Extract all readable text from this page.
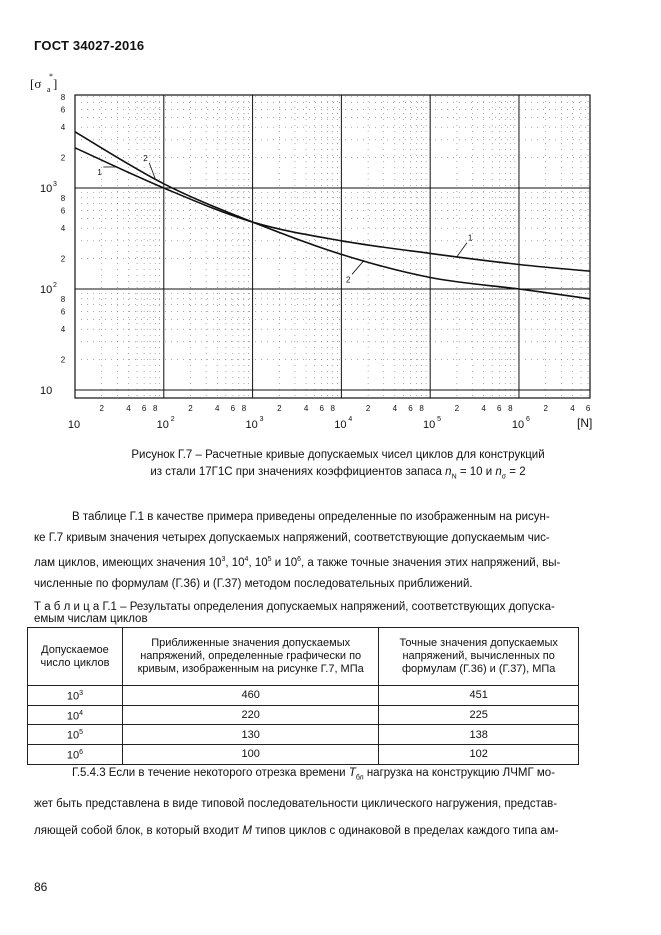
ГОСТ 34027-2016
[σ a
* ]
2
4
6
8
2
4
6
8
2
4
6
8
10
10 2
10 3
2	4 6 8	2	4 6 8	2	4 6 8	2	4 6 8	2	4 6 8	2	4 6
10	10 2	10 3	10 4	10 5	10 6
1
2
1
2
[N]
Рисунок Г.7 – Расчетные кривые допускаемых чисел циклов для конструкций
из стали 17Г1С при значениях коэффициентов запаса $n_N = 10$ и $n_\sigma = 2$
В таблице Г.1 в качестве примера приведены определенные по изображенным на рисун-
ке Г.7 кривым значения четырех допускаемых напряжений, соответствующие допускаемым чис-
лам циклов, имеющих значения $10^3$, $10^4$, $10^5$ и $10^6$, а также точные значения этих напряжений, вы-
численные по формулам (Г.36) и (Г.37) методом последовательных приближений.
Т а б л и ц а Г.1 – Результаты определения допускаемых напряжений, соответствующих допуска-
емым числам циклов
Допускаемое число циклов	Приближенные значения допускаемых напряжений, определенные графически по кривым, изображенным на рисунке Г.7, МПа	Точные значения допускаемых напряжений, вычисленных по формулам (Г.36) и (Г.37), МПа
$10^3$	460	451
$10^4$	220	225
$10^5$	130	138
$10^6$	100	102
Г.5.4.3 Если в течение некоторого отрезка времени $T_{бл}$ нагрузка на конструкцию ЛЧМГ мо-
жет быть представлена в виде типовой последовательности циклического нагружения, представ-
ляющей собой блок, в который входит M типов циклов с одинаковой в пределах каждого типа ам-
86
